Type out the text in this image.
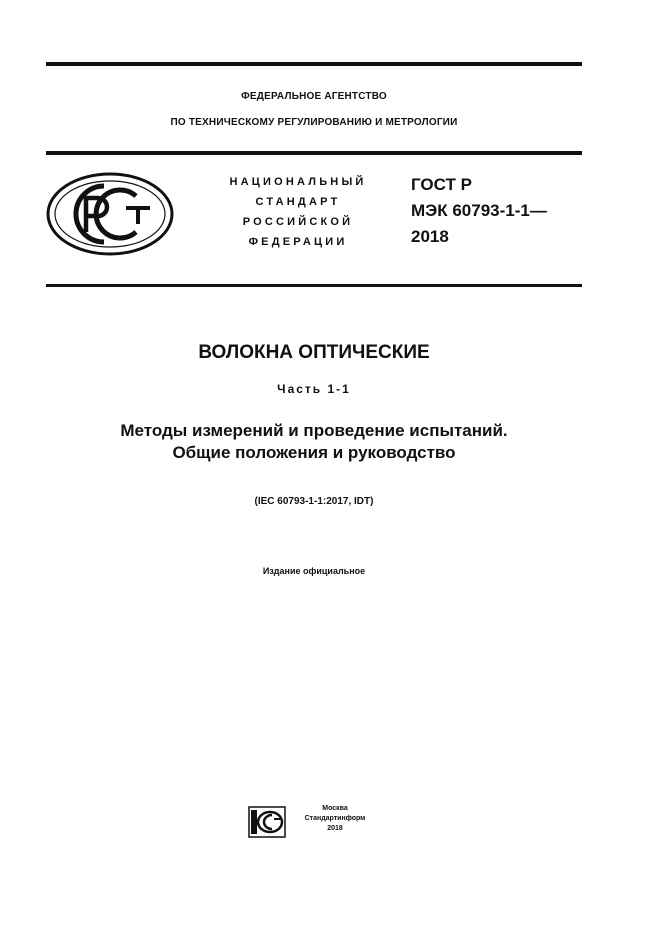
ФЕДЕРАЛЬНОЕ АГЕНТСТВО
ПО ТЕХНИЧЕСКОМУ РЕГУЛИРОВАНИЮ И МЕТРОЛОГИИ
НАЦИОНАЛЬНЫЙ
СТАНДАРТ
РОССИЙСКОЙ
ФЕДЕРАЦИИ
ГОСТ Р
МЭК 60793-1-1—
2018
ВОЛОКНА ОПТИЧЕСКИЕ
Часть 1-1
Методы измерений и проведение испытаний.
Общие положения и руководство
(IEC 60793-1-1:2017, IDT)
Издание официальное
Москва
Стандартинформ
2018
